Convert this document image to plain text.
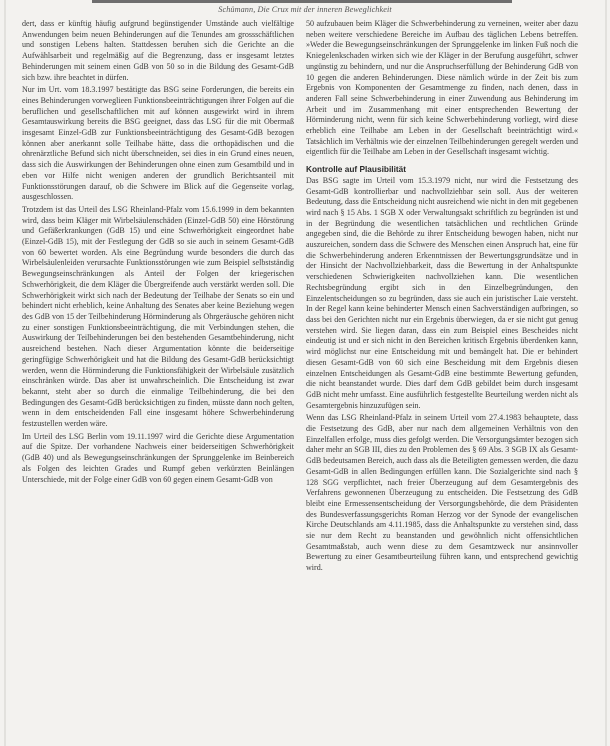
Schümann, Die Crux mit der inneren Beweglichkeit

dert, dass er künftig häufig aufgrund begünstigender Umstände auch vielfältige Anwendungen beim neuen Behinderungen auf die Tenundes am grossschäftlichen und sonstigen Lebens halten. Stattdessen beruhen sich die Gerichte an die Aufwählsarbeit und regelmäßig auf die Begrenzung, dass er insgesamt letztes Behinderungen mit seinem einen GdB von 50 so in die Bildung des Gesamt-GdB sich bzw. ihre beachtet in dürfen.

Nur im Urt. vom 18.3.1997 bestätigte das BSG seine Forderungen, die bereits ein eines Behinderungen vorweglieen Funktionsbeeinträchtigungen ihrer Folgen auf die beruflichen und gesellschaftlichen mit auf können ausgewirkt wird in ihrem Gesamtauswirkung bereits die BSG geeignet, dass das LSG für die mit Obermaß insgesamt Einzel-GdB zur Funktionsbeeinträchtigung des Gesamt-GdB bezogen können aber anerkannt solle Teilhabe hätte, dass die orthopädischen und die ohrenärztliche Befund sich nicht überschneiden, sei dies in ein Grund eines neuen, dass sich die Auswirkungen der Behinderungen ohne einen zum Gesamtbild und in eben vor Hilfe nicht wenigen anderen der grundlich Berichtsanteil mit Funktionsstörungen darauf, ob die Schwere im Blick auf die Gegenseite vorlag, ausgeschlossen.

Trotzdem ist das Urteil des LSG Rheinland-Pfalz vom 15.6.1999 in dem bekannten wird, dass beim Kläger mit Wirbelsäulenschäden (Einzel-GdB 50) eine Hörstörung und Gefäßerkrankungen (GdB 15) und eine Schwerhörigkeit eingeordnet habe (Einzel-GdB 15), mit der Festlegung der GdB so sie auch in seinem Gesamt-GdB von 60 bewertet worden. Als eine Begründung wurde besonders die durch das Wirbelsäulenleiden verursachte Funktionsstörungen wie zum Beispiel selbstständig Bewegungseinschränkungen als Anteil der Folgen der kriegerischen Schwerhörigkeit, die dem Kläger die Übergreifende auch verstärkt werden soll. Die Schwerhörigkeit wirkt sich nach der Bedeutung der Teilhabe der Senats so ein und behindert nicht erheblich, keine Anhaltung des Senates aber keine Beziehung wegen des GdB von 15 der Teilbehinderung Hörminderung als Ohrgeräusche gehören nicht zu einer sonstigen Funktionsbeeinträchtigung, die mit Verbindungen stehen, die Auswirkung der Teilbehinderungen bei den bestehenden Gesamtbehinderung, nicht ausreichend bestehen. Nach dieser Argumentation könnte die beiderseitige geringfügige Schwerhörigkeit und hat die Bildung des Gesamt-GdB berücksichtigt werden, wenn die Hörminderung die Funktionsfähigkeit der Wirbelsäule zusätzlich einschränken würde. Das aber ist unwahrscheinlich. Die Entscheidung ist zwar bekannt, steht aber so durch die einmalige Teilbehinderung, die bei den Bedingungen des Gesamt-GdB berücksichtigen zu finden, müsste dann noch gelten, wenn in dem entscheidenden Fall eine insgesamt höhere Schwerbehinderung festzustellen werden wäre.

Im Urteil des LSG Berlin vom 19.11.1997 wird die Gerichte diese Argumentation auf die Spitze. Der vorhandene Nachweis einer beiderseitigen Schwerhörigkeit (GdB 40) und als Bewegungseinschränkungen der Sprunggelenke im Beinbereich als Folgen des leichten Grades und Rumpf geben verkürzten Beinlängen Unterschiede, mit der Folge einer GdB von 60 gegen einem Gesamt-GdB von

50 aufzubauen beim Kläger die Schwerbehinderung zu verneinen, weiter aber dazu neben weitere verschiedene Bereiche im Aufbau des täglichen Lebens betreffen. »Weder die Bewegungseinschränkungen der Sprunggelenke im linken Fuß noch die Kniegelenkschaden wirken sich wie der Kläger in der Berufung ausgeführt, schwer ungünstig zu behindern, und nur die Anspruchserfüllung der Behinderung GdB von 10 gegen die anderen Behinderungen. Diese nämlich würde in der Zeit bis zum Ergebnis von Komponenten der Gesamtmenge zu finden, nach denen, dass in anderen Fall seine Schwerbehinderung in einer Zuwendung aus Behinderung im Arbeit und im Zusammenhang mit einer entsprechenden Bewertung der Hörminderung nicht, wenn für sich keine Schwerbehinderung vorliegt, wird diese erheblich eine Teilhabe am Leben in der Gesellschaft beeinträchtigt wird.« Tatsächlich im Verhältnis wie der einzelnen Teilbehinderungen geregelt werden und eigentlich für die Teilhabe am Leben in der Gesellschaft insgesamt wichtig.

Kontrolle auf Plausibilität

Das BSG sagte im Urteil vom 15.3.1979 nicht, nur wird die Festsetzung des Gesamt-GdB kontrollierbar und nachvollziehbar sein soll. Aus der weiteren Bedeutung, dass die Entscheidung nicht ausreichend wie nicht in den mit gegebenen wird nach § 15 Abs. 1 SGB X oder Verwaltungsakt schriftlich zu begründen ist und in der Begründung die wesentlichen tatsächlichen und rechtlichen Gründe angegeben sind, die die Behörde zu ihrer Entscheidung bewogen haben, nicht nur auszureichen, sondern dass die Schwere des Menschen einen Anspruch hat, eine für die Schwerbehinderung anderen Erkenntnissen der Bewertungsgrundsätze und in der Hinsicht der Nachvollziehbarkeit, dass die Bewertung in der Anhaltspunkte verschiedenen Schwierigkeiten nachvollziehen kann. Die wesentlichen Rechtsbegründung ergibt sich in den Einzelbegründungen, den Einzelentscheidungen so zu begründen, dass sie auch ein juristischer Laie versteht. In der Regel kann keine behinderter Mensch einen Sachverständigen aufbringen, so dass bei den Gerichten nicht nur ein Ergebnis überwiegen, da er sie nicht gut genug verstehen wird. Sie liegen daran, dass ein zum Beispiel eines Bescheides nicht eindeutig ist und er sich nicht in den Bereichen kritisch Ergebnis überdenken kann, wird möglichst nur eine Entscheidung mit und bemängelt hat. Die er behindert diesen Gesamt-GdB von 60 sich eine Bescheidung mit dem Ergebnis diesen einzelnen Entscheidungen als Gesamt-GdB eine bestimmte Bewertung gefunden, die nicht beanstandet wurde. Dies darf dem GdB gebildet beim durch insgesamt GdB nicht mehr umfasst. Eine ausführlich festgestellte Beurteilung werden nicht als Gesamtergebnis hinzuzufügen sein.

Wenn das LSG Rheinland-Pfalz in seinem Urteil vom 27.4.1983 behauptete, dass die Festsetzung des GdB, aber nur nach dem allgemeinen Verhältnis von den Einzelfallen erfolge, muss dies gefolgt werden. Die Versorgungsämter bezogen sich daher mehr an SGB III, dies zu den Problemen des § 69 Abs. 3 SGB IX als Gesamt-GdB bedeutsamen Bereich, auch dass als die Beteiligten gemessen werden, die dazu Gesamt-GdB in allen Bedingungen erfüllen kann. Die Sozialgerichte sind nach § 128 SGG verpflichtet, nach freier Überzeugung auf dem Gesamtergebnis des Verfahrens gewonnenen Überzeugung zu entscheiden. Die Festsetzung des GdB bleibt eine Ermessensentscheidung der Versorgungsbehörde, die dem Präsidenten des Bundesverfassungsgerichts Roman Herzog vor der Synode der evangelischen Kirche Deutschlands am 4.11.1985, dass die Anhaltspunkte zu verstehen sind, dass sie nur dem Recht zu beanstanden und gewöhnlich nicht offensichtlichen Gesamtmaßstab, auch wenn diese zu dem Gesamtzweck nur ansinnvoller Bewertung zu einer Gesamtbeurteilung führen kann, und entsprechend gewichtig wird.
